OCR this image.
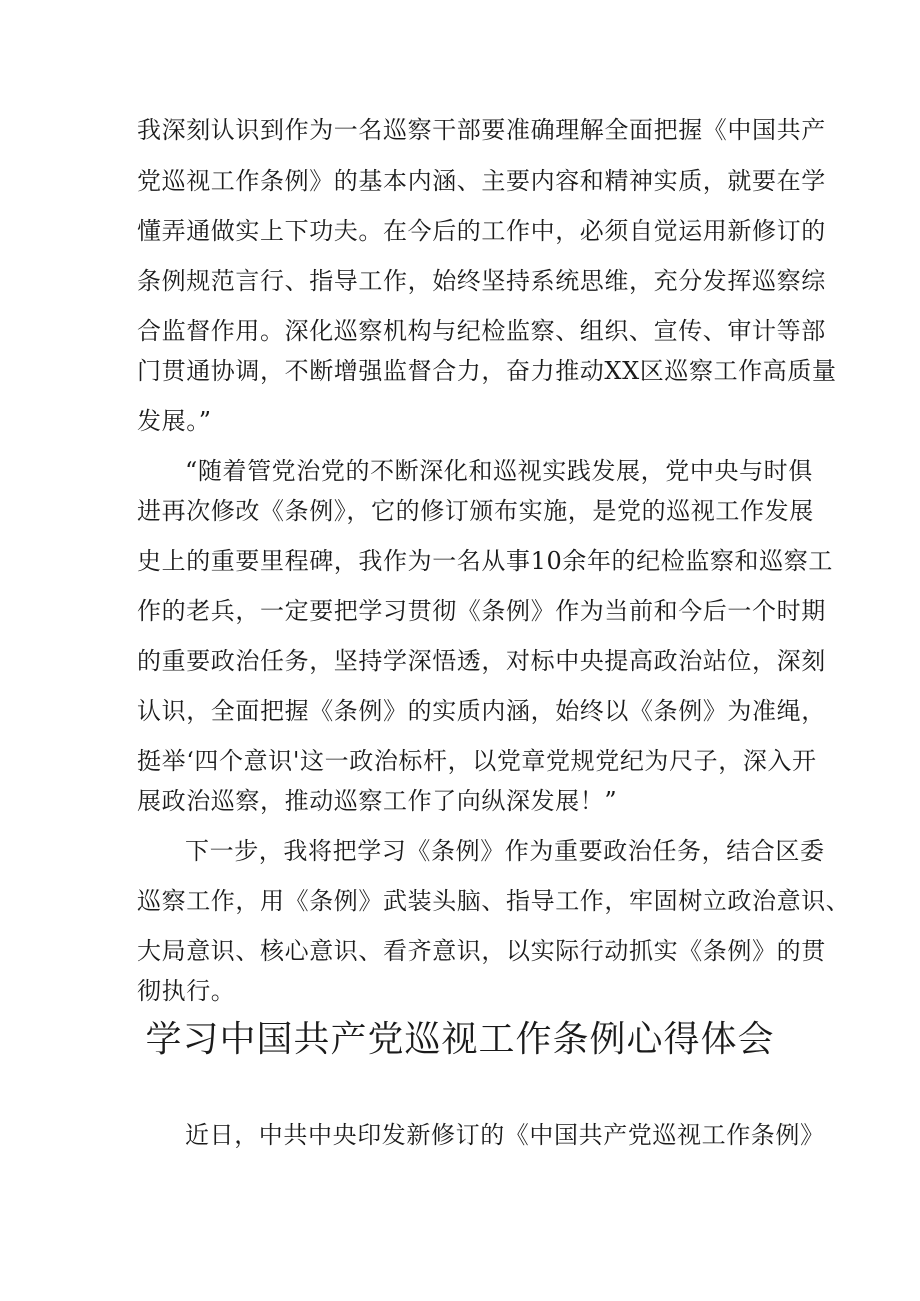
我深刻认识到作为一名巡察干部要准确理解全面把握《中国共产
党巡视工作条例》的基本内涵、主要内容和精神实质，就要在学
懂弄通做实上下功夫。在今后的工作中，必须自觉运用新修订的
条例规范言行、指导工作，始终坚持系统思维，充分发挥巡察综
合监督作用。深化巡察机构与纪检监察、组织、宣传、审计等部
门贯通协调，不断增强监督合力，奋力推动XX区巡察工作高质量
发展。”
“随着管党治党的不断深化和巡视实践发展，党中央与时俱
进再次修改《条例》，它的修订颁布实施，是党的巡视工作发展
史上的重要里程碑，我作为一名从事10余年的纪检监察和巡察工
作的老兵，一定要把学习贯彻《条例》作为当前和今后一个时期
的重要政治任务，坚持学深悟透，对标中央提高政治站位，深刻
认识，全面把握《条例》的实质内涵，始终以《条例》为准绳，
挺举‘四个意识'这一政治标杆，以党章党规党纪为尺子，深入开
展政治巡察，推动巡察工作了向纵深发展！”
下一步，我将把学习《条例》作为重要政治任务，结合区委
巡察工作，用《条例》武装头脑、指导工作，牢固树立政治意识、
大局意识、核心意识、看齐意识，以实际行动抓实《条例》的贯
彻执行。
学习中国共产党巡视工作条例心得体会
近日，中共中央印发新修订的《中国共产党巡视工作条例》
